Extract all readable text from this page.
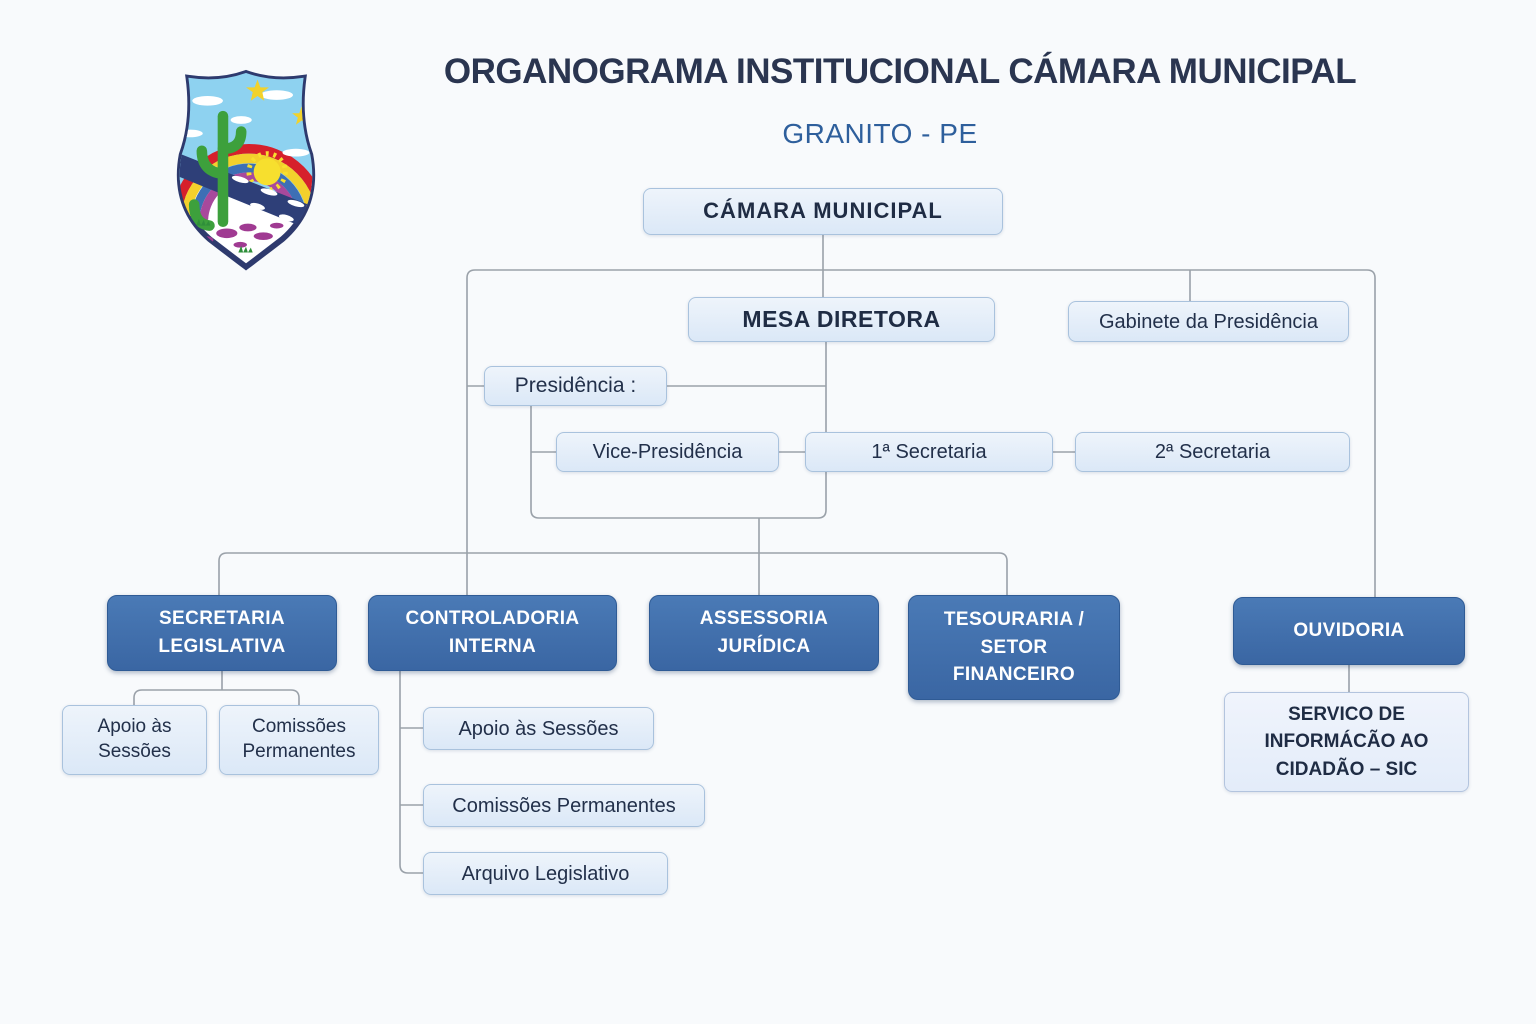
ORGANOGRAMA INSTITUCIONAL CÁMARA MUNICIPAL
GRANITO - PE
CÁMARA MUNICIPAL
MESA DIRETORA	Gabinete da Presidência
Presidência :
Vice-Presidência	1ª Secretaria	2ª Secretaria
SECRETARIA LEGISLATIVA
CONTROLADORIA INTERNA
ASSESSORIA JURÍDICA
TESOURARIA / SETOR FINANCEIRO
OUVIDORIA
Apoio às Sessões
Comissões Permanentes
Apoio às Sessões
Comissões Permanentes
Arquivo Legislativo
SERVICO DE INFORMÁCÃO AO CIDADÃO – SIC
